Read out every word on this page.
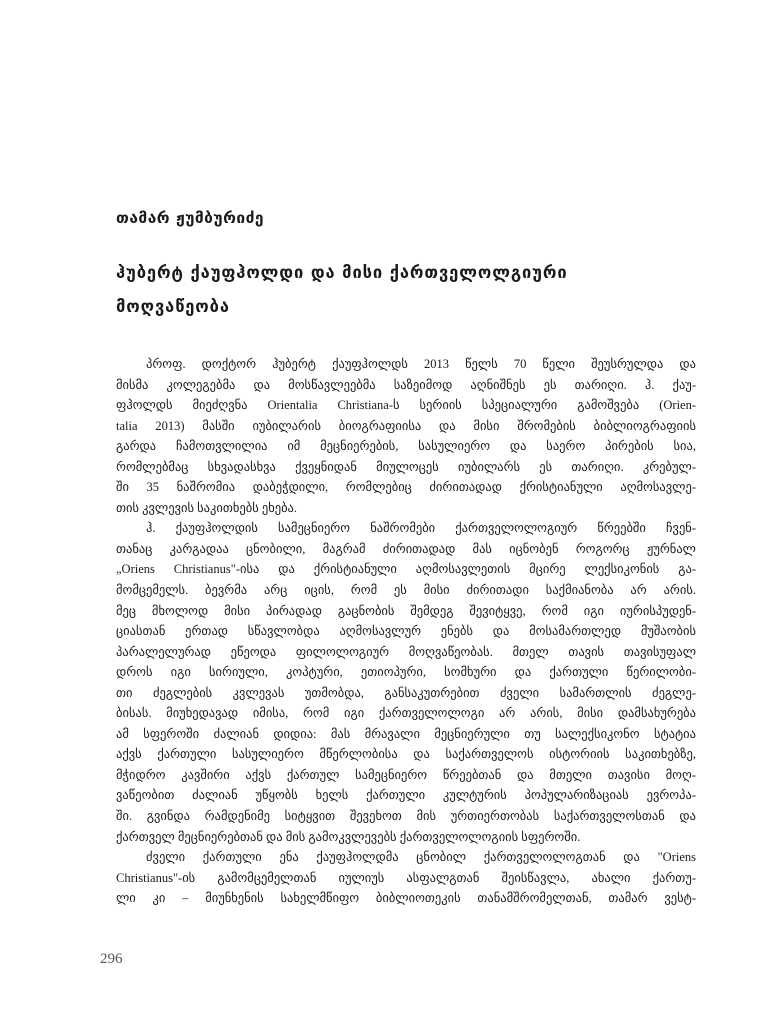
თამარ ჟუმბურიძე
ჰუბერტ ქაუფჰოლდი და მისი ქართველოლგიური
მოღვაწეობა
პროფ. დოქტორ ჰუბერტ ქაუფჰოლდს 2013 წელს 70 წელი შეუსრულდა და
მისმა კოლეგებმა და მოსწავლეებმა საზეიმოდ აღნიშნეს ეს თარიღი. ჰ. ქაუ-
ფჰოლდს მიეძღვნა Orientalia Christiana-ს სერიის სპეციალური გამოშვება (Orien-
talia 2013) მასში იუბილარის ბიოგრაფიისა და მისი შრომების ბიბლიოგრაფიის
გარდა ჩამოთვლილია იმ მეცნიერების, სასულიერო და საერო პირების სია,
რომლებმაც სხვადასხვა ქვეყნიდან მიულოცეს იუბილარს ეს თარიღი. კრებულ-
ში 35 ნაშრომია დაბეჭდილი, რომლებიც ძირითადად ქრისტიანული აღმოსავლე-
თის კვლევის საკითხებს ეხება.
ჰ. ქაუფჰოლდის სამეცნიერო ნაშრომები ქართველოლოგიურ წრეებში ჩვენ-
თანაც კარგადაა ცნობილი, მაგრამ ძირითადად მას იცნობენ როგორც ჟურნალ
„Oriens Christianus"-ისა და ქრისტიანული აღმოსავლეთის მცირე ლექსიკონის გა-
მომცემელს. ბევრმა არც იცის, რომ ეს მისი ძირითადი საქმიანობა არ არის.
მეც მხოლოდ მისი პირადად გაცნობის შემდეგ შევიტყვე, რომ იგი იურისპუდენ-
ციასთან ერთად სწავლობდა აღმოსავლურ ენებს და მოსამართლედ მუშაობის
პარალელურად ეწეოდა ფილოლოგიურ მოღვაწეობას. მთელ თავის თავისუფალ
დროს იგი სირიული, კოპტური, ეთიოპური, სომხური და ქართული წერილობი-
თი ძეგლების კვლევას უთმობდა, განსაკუთრებით ძველი სამართლის ძეგლე-
ბისას. მიუხედავად იმისა, რომ იგი ქართველოლოგი არ არის, მისი დამსახურება
ამ სფეროში ძალიან დიდია: მას მრავალი მეცნიერული თუ სალექსიკონო სტატია
აქვს ქართული სასულიერო მწერლობისა და საქართველოს ისტორიის საკითხებზე,
მჭიდრო კავშირი აქვს ქართულ სამეცნიერო წრეებთან და მთელი თავისი მოღ-
ვაწეობით ძალიან უწყობს ხელს ქართული კულტურის პოპულარიზაციას ევროპა-
ში. გვინდა რამდენიმე სიტყვით შევეხოთ მის ურთიერთობას საქართველოსთან და
ქართველ მეცნიერებთან და მის გამოკვლევებს ქართველოლოგიის სფეროში.
ძველი ქართული ენა ქაუფჰოლდმა ცნობილ ქართველოლოგთან და "Oriens
Christianus"-ის გამომცემელთან იულიუს ასფალგთან შეისწავლა, ახალი ქართუ-
ლი კი – მიუნხენის სახელმწიფო ბიბლიოთეკის თანამშრომელთან, თამარ ვესტ-
296
